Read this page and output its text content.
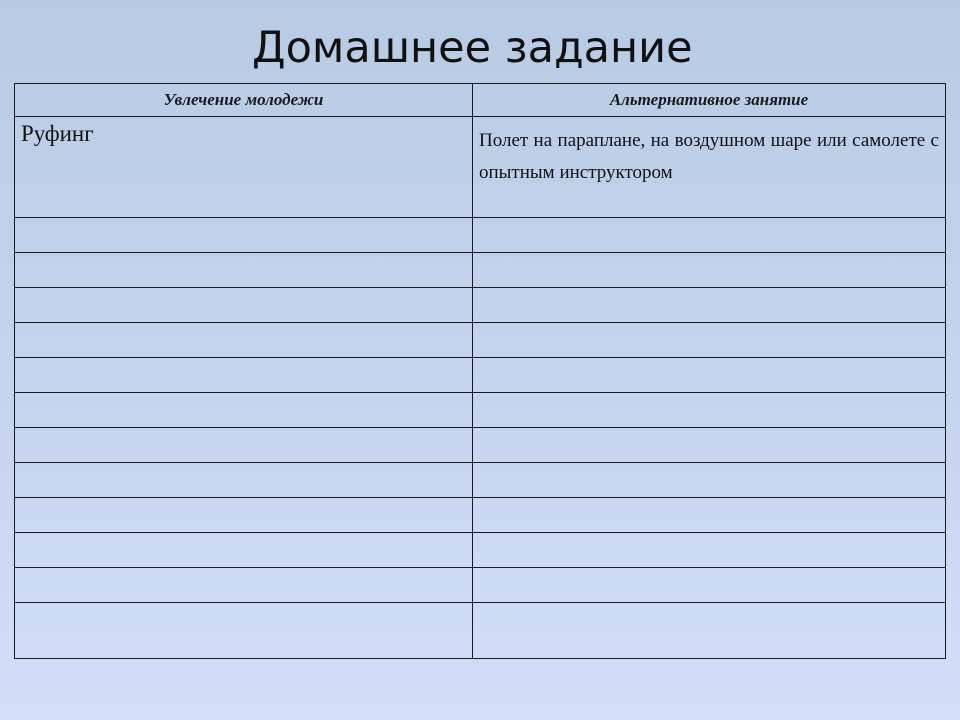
Домашнее задание
Увлечение молодежи	Альтернативное занятие

Руфинг	Полет на параплане, на воздушном шаре или самолете с опытным инструктором
